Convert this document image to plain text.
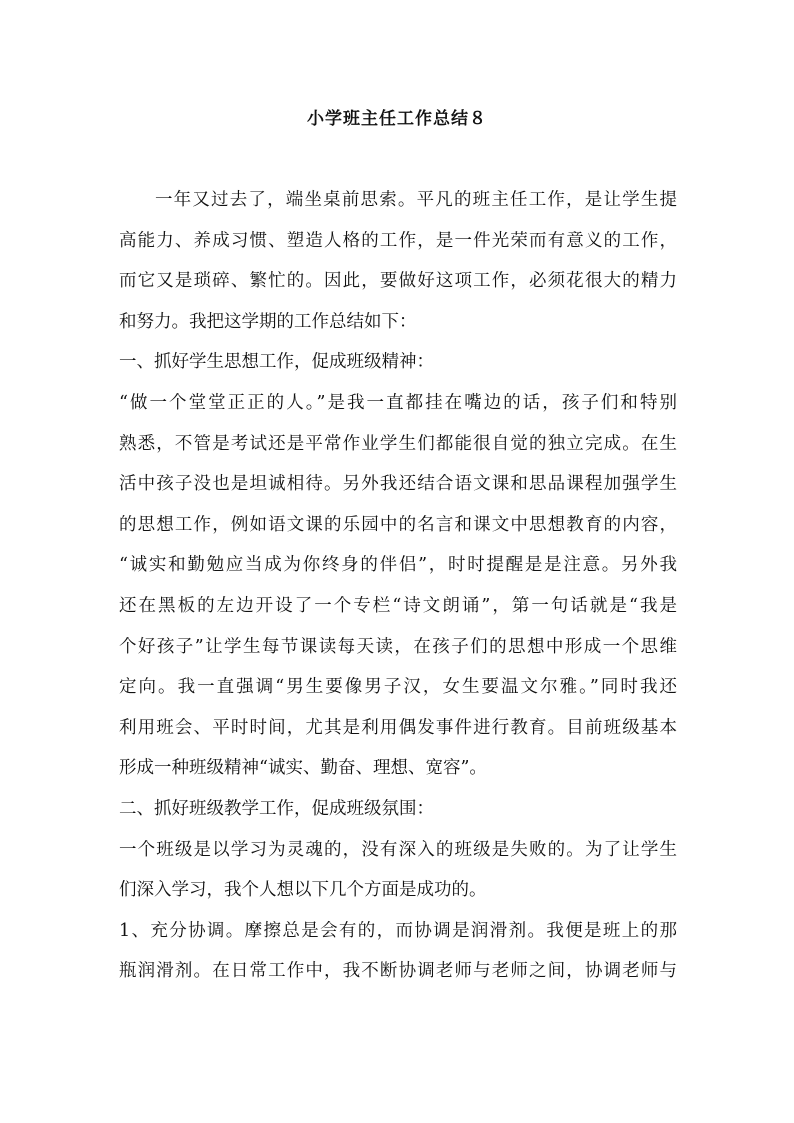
小学班主任工作总结８
一年又过去了，端坐桌前思索。平凡的班主任工作，是让学生提
高能力、养成习惯、塑造人格的工作，是一件光荣而有意义的工作，
而它又是琐碎、繁忙的。因此，要做好这项工作，必须花很大的精力
和努力。我把这学期的工作总结如下：
一、抓好学生思想工作，促成班级精神：
“做一个堂堂正正的人。”是我一直都挂在嘴边的话，孩子们和特别
熟悉，不管是考试还是平常作业学生们都能很自觉的独立完成。在生
活中孩子没也是坦诚相待。另外我还结合语文课和思品课程加强学生
的思想工作，例如语文课的乐园中的名言和课文中思想教育的内容，
“诚实和勤勉应当成为你终身的伴侣”，时时提醒是是注意。另外我
还在黑板的左边开设了一个专栏“诗文朗诵”，第一句话就是“我是
个好孩子”让学生每节课读每天读，在孩子们的思想中形成一个思维
定向。我一直强调“男生要像男子汉，女生要温文尔雅。”同时我还
利用班会、平时时间，尤其是利用偶发事件进行教育。目前班级基本
形成一种班级精神“诚实、勤奋、理想、宽容”。
二、抓好班级教学工作，促成班级氛围：
一个班级是以学习为灵魂的，没有深入的班级是失败的。为了让学生
们深入学习，我个人想以下几个方面是成功的。
1、充分协调。摩擦总是会有的，而协调是润滑剂。我便是班上的那
瓶润滑剂。在日常工作中，我不断协调老师与老师之间，协调老师与
